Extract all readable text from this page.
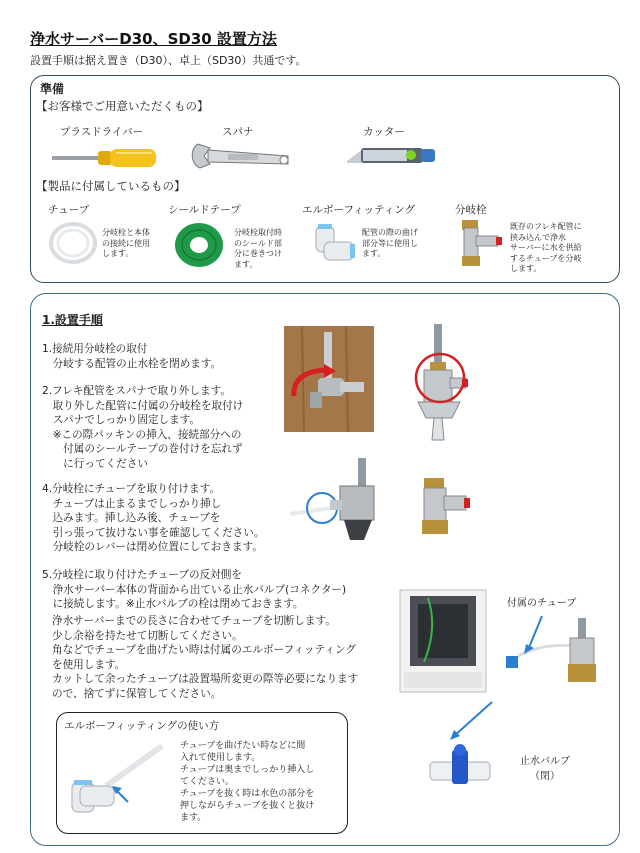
浄水サーバーD30、SD30 設置方法
設置手順は据え置き（D30）、卓上（SD30）共通です。
準備
【お客様でご用意いただくもの】
プラスドライバー	スパナ	カッター
【製品に付属しているもの】
チューブ
分岐栓と本体
の接続に使用
します。
シールドテープ
分岐栓取付時
のシールド部
分に巻きつけ
ます。
エルボーフィッティング
配管の際の曲げ
部分等に使用し
ます。
分岐栓
既存のフレキ配管に
挟み込んで浄水
サーバーに水を供給
するチューブを分岐
します。
1.設置手順
1.接続用分岐栓の取付
　分岐する配管の止水栓を閉めます。
2.フレキ配管をスパナで取り外します。
　取り外した配管に付属の分岐栓を取付け
　スパナでしっかり固定します。
　※この際パッキンの挿入、接続部分への
　　付属のシールテープの巻付けを忘れず
　　に行ってください
4.分岐栓にチューブを取り付けます。
　チューブは止まるまでしっかり挿し
　込みます。挿し込み後、チューブを
　引っ張って抜けない事を確認してください。
　分岐栓のレバーは閉め位置にしておきます。
5.分岐栓に取り付けたチューブの反対側を
　浄水サーバー本体の背面から出ている止水バルブ(コネクター)
　に接続します。※止水バルブの栓は閉めておきます。
浄水サーバーまでの長さに合わせてチューブを切断します。
少し余裕を持たせて切断してください。
角などでチューブを曲げたい時は付属のエルボーフィッティング
を使用します。
カットして余ったチューブは設置場所変更の際等必要になります
ので、捨てずに保管してください。
付属のチューブ
止水バルブ
（閉）
エルボーフィッティングの使い方
チューブを曲げたい時などに間
入れて使用します。
チューブは奥までしっかり挿入し
てください。
チューブを抜く時は水色の部分を
押しながらチューブを抜くと抜け
ます。
